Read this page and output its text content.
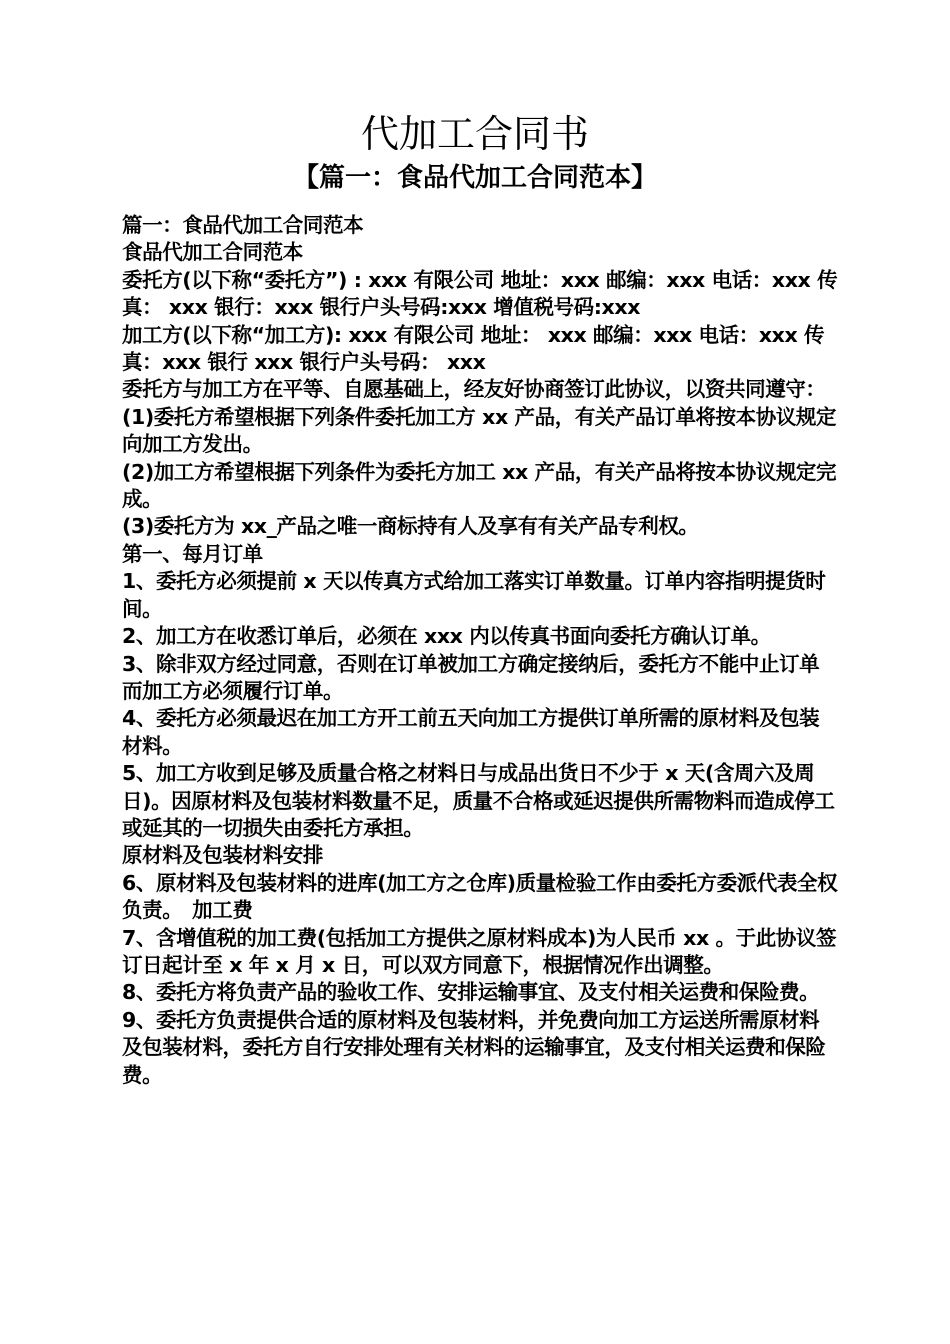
代加工合同书
【篇一：食品代加工合同范本】

篇一：食品代加工合同范本

食品代加工合同范本

委托方(以下称“委托方”) : xxx 有限公司 地址：xxx 邮编：xxx 电话：xxx 传真： xxx 银行：xxx 银行户头号码:xxx 增值税号码:xxx

加工方(以下称“加工方): xxx 有限公司 地址： xxx 邮编：xxx 电话：xxx 传真：xxx 银行 xxx 银行户头号码： xxx

委托方与加工方在平等、自愿基础上，经友好协商签订此协议，以资共同遵守：

(1)委托方希望根据下列条件委托加工方 xx 产品，有关产品订单将按本协议规定向加工方发出。

(2)加工方希望根据下列条件为委托方加工 xx 产品，有关产品将按本协议规定完成。

(3)委托方为 xx_产品之唯一商标持有人及享有有关产品专利权。

第一、每月订单

1、委托方必须提前 x 天以传真方式给加工落实订单数量。订单内容指明提货时间。

2、加工方在收悉订单后，必须在 xxx 内以传真书面向委托方确认订单。

3、除非双方经过同意，否则在订单被加工方确定接纳后，委托方不能中止订单而加工方必须履行订单。

4、委托方必须最迟在加工方开工前五天向加工方提供订单所需的原材料及包装材料。

5、加工方收到足够及质量合格之材料日与成品出货日不少于 x 天(含周六及周日)。因原材料及包装材料数量不足，质量不合格或延迟提供所需物料而造成停工或延其的一切损失由委托方承担。

原材料及包装材料安排

6、原材料及包装材料的进库(加工方之仓库)质量检验工作由委托方委派代表全权负责。　加工费

7、含增值税的加工费(包括加工方提供之原材料成本)为人民币 xx 。于此协议签订日起计至 x 年 x 月 x 日，可以双方同意下，根据情况作出调整。

8、委托方将负责产品的验收工作、安排运输事宜、及支付相关运费和保险费。

9、委托方负责提供合适的原材料及包装材料，并免费向加工方运送所需原材料及包装材料，委托方自行安排处理有关材料的运输事宜，及支付相关运费和保险费。
